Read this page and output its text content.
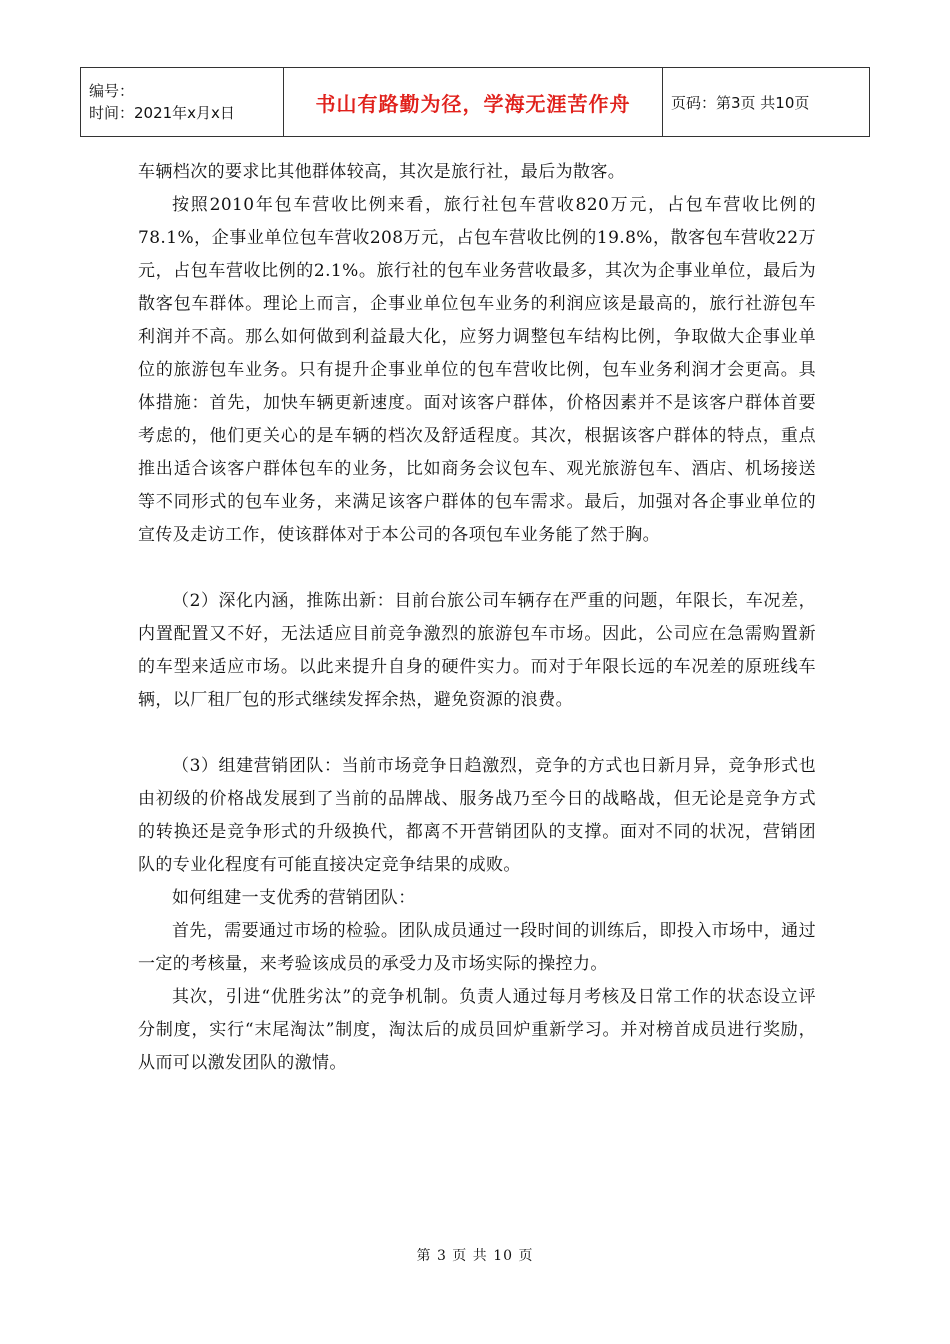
编号：
时间：2021年x月x日	书山有路勤为径，学海无涯苦作舟	页码：第3页 共10页

车辆档次的要求比其他群体较高，其次是旅行社，最后为散客。

按照2010年包车营收比例来看，旅行社包车营收820万元，占包车营收比例的78.1%，企事业单位包车营收208万元，占包车营收比例的19.8%，散客包车营收22万元，占包车营收比例的2.1%。旅行社的包车业务营收最多，其次为企事业单位，最后为散客包车群体。理论上而言，企事业单位包车业务的利润应该是最高的，旅行社游包车利润并不高。那么如何做到利益最大化，应努力调整包车结构比例，争取做大企事业单位的旅游包车业务。只有提升企事业单位的包车营收比例，包车业务利润才会更高。具体措施：首先，加快车辆更新速度。面对该客户群体，价格因素并不是该客户群体首要考虑的，他们更关心的是车辆的档次及舒适程度。其次，根据该客户群体的特点，重点推出适合该客户群体包车的业务，比如商务会议包车、观光旅游包车、酒店、机场接送等不同形式的包车业务，来满足该客户群体的包车需求。最后，加强对各企事业单位的宣传及走访工作，使该群体对于本公司的各项包车业务能了然于胸。

（2）深化内涵，推陈出新：目前台旅公司车辆存在严重的问题，年限长，车况差，内置配置又不好，无法适应目前竞争激烈的旅游包车市场。因此，公司应在急需购置新的车型来适应市场。以此来提升自身的硬件实力。而对于年限长远的车况差的原班线车辆，以厂租厂包的形式继续发挥余热，避免资源的浪费。

（3）组建营销团队：当前市场竞争日趋激烈，竞争的方式也日新月异，竞争形式也由初级的价格战发展到了当前的品牌战、服务战乃至今日的战略战，但无论是竞争方式的转换还是竞争形式的升级换代，都离不开营销团队的支撑。面对不同的状况，营销团队的专业化程度有可能直接决定竞争结果的成败。

如何组建一支优秀的营销团队：

首先，需要通过市场的检验。团队成员通过一段时间的训练后，即投入市场中，通过一定的考核量，来考验该成员的承受力及市场实际的操控力。

其次，引进“优胜劣汰”的竞争机制。负责人通过每月考核及日常工作的状态设立评分制度，实行“末尾淘汰”制度，淘汰后的成员回炉重新学习。并对榜首成员进行奖励，从而可以激发团队的激情。

第 3 页 共 10 页
